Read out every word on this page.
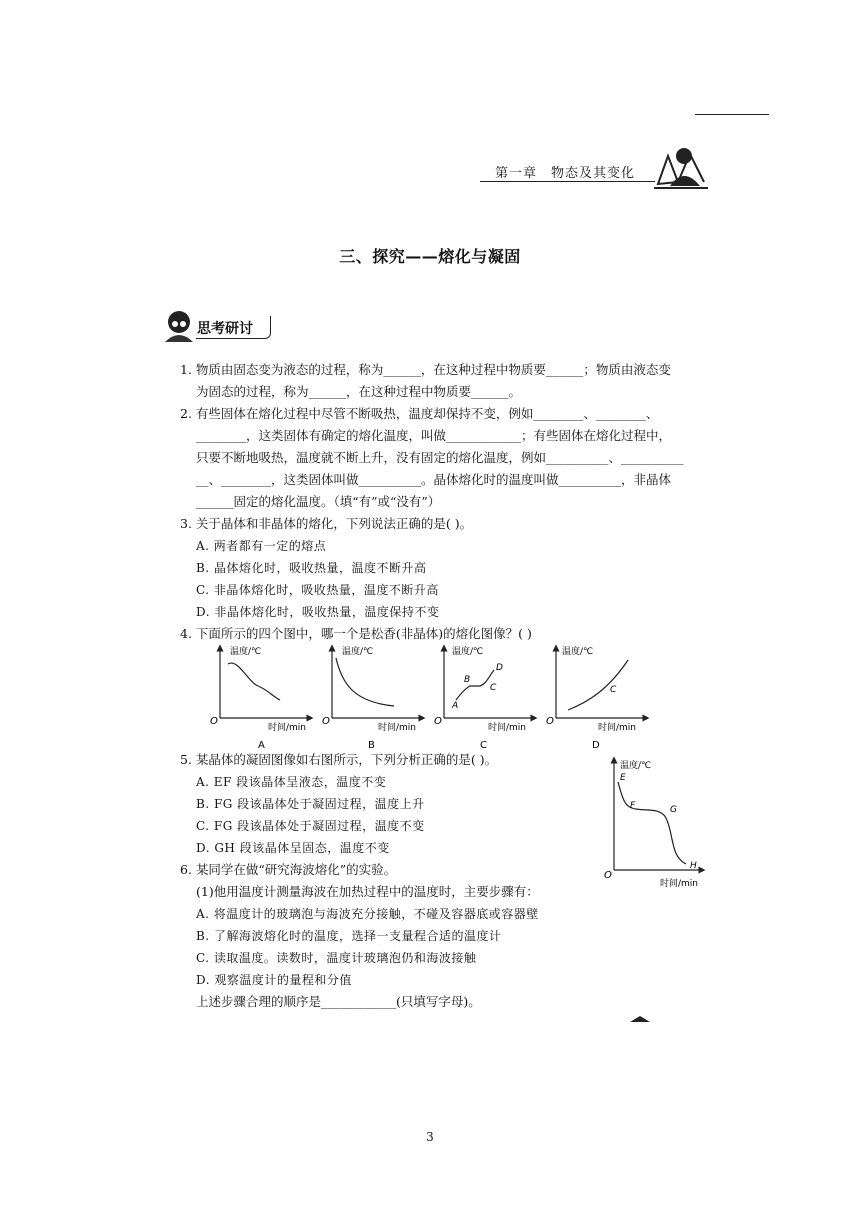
第一章　物态及其变化
三、探究——熔化与凝固
思考研讨
1. 物质由固态变为液态的过程，称为______，在这种过程中物质要______；物质由液态变
为固态的过程，称为______，在这种过程中物质要______。
2. 有些固体在熔化过程中尽管不断吸热，温度却保持不变，例如________、________、
________，这类固体有确定的熔化温度，叫做____________；有些固体在熔化过程中，
只要不断地吸热，温度就不断上升，没有固定的熔化温度，例如__________、__________
__、________，这类固体叫做__________。晶体熔化时的温度叫做__________，非晶体
______固定的熔化温度。（填“有”或“没有”）
3. 关于晶体和非晶体的熔化，下列说法正确的是( )。
A. 两者都有一定的熔点
B. 晶体熔化时，吸收热量，温度不断升高
C. 非晶体熔化时，吸收热量，温度不断升高
D. 非晶体熔化时，吸收热量，温度保持不变
4. 下面所示的四个图中，哪一个是松香(非晶体)的熔化图像？( )
温度/℃
时间/min
O
A
温度/℃
时间/min
O
B
温度/℃
时间/min
O
A
B
C
D
C
温度/℃
时间/min
O
C
D
5. 某晶体的凝固图像如右图所示，下列分析正确的是( )。
A. EF 段该晶体呈液态，温度不变
B. FG 段该晶体处于凝固过程，温度上升
C. FG 段该晶体处于凝固过程，温度不变
D. GH 段该晶体呈固态，温度不变
温度/℃
时间/min
O
E
F	G
H
6. 某同学在做“研究海波熔化”的实验。
(1)他用温度计测量海波在加热过程中的温度时，主要步骤有：
A. 将温度计的玻璃泡与海波充分接触，不碰及容器底或容器壁
B. 了解海波熔化时的温度，选择一支量程合适的温度计
C. 读取温度。读数时，温度计玻璃泡仍和海波接触
D. 观察温度计的量程和分值
上述步骤合理的顺序是____________(只填写字母)。
3
